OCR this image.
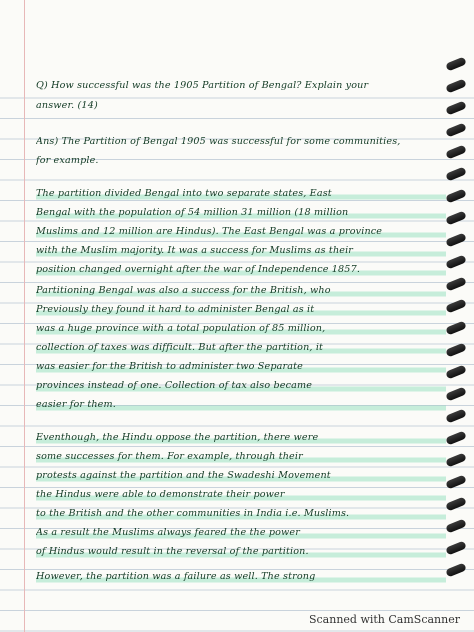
Q) How successful was the 1905 Partition of Bengal? Explain your
answer. (14)
Ans) The Partition of Bengal 1905 was successful for some communities,
for example.
The partition divided Bengal into two separate states, East
Bengal with the population of 54 million 31 million (18 million
Muslims and 12 million are Hindus). The East Bengal was a province
with the Muslim majority. It was a success for Muslims as their
position changed overnight after the war of Independence 1857.
Partitioning Bengal was also a success for the British, who
Previously they found it hard to administer Bengal as it
was a huge province with a total population of 85 million,
collection of taxes was difficult. But after the partition, it
was easier for the British to administer two Separate
provinces instead of one. Collection of tax also became
easier for them.
Eventhough, the Hindu oppose the partition, there were
some successes for them. For example, through their
protests against the partition and the Swadeshi Movement
the Hindus were able to demonstrate their power
to the British and the other communities in India i.e. Muslims.
As a result the Muslims always feared the the power
of Hindus would result in the reversal of the partition.
However, the partition was a failure as well. The strong
Scanned with CamScanner
